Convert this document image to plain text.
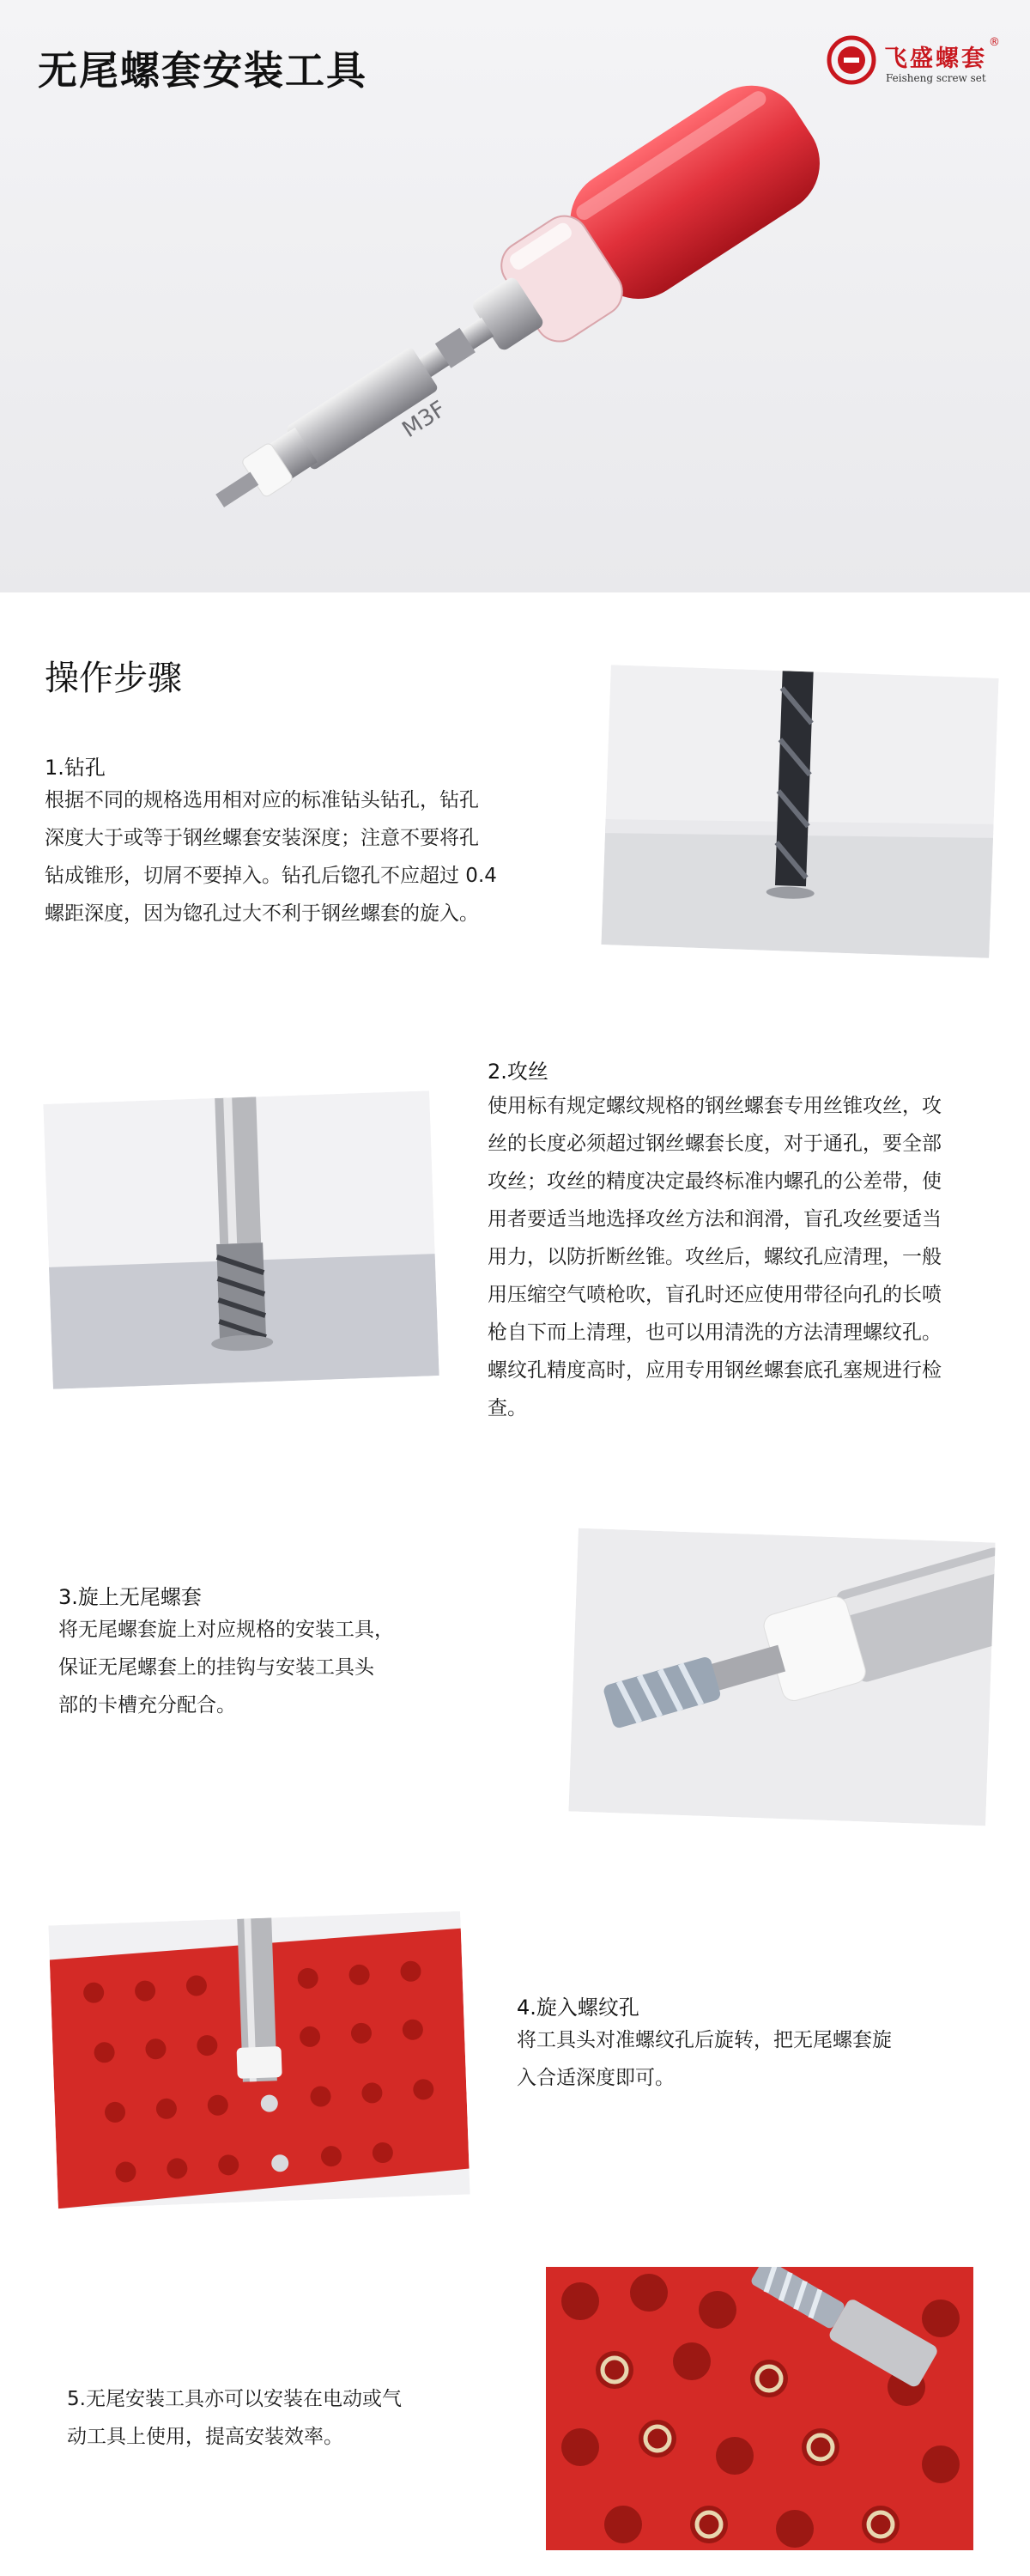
无尾螺套安装工具	飞盛螺套
®
Feisheng screw set
M3F
操作步骤
1.钻孔
根据不同的规格选用相对应的标准钻头钻孔，钻孔
深度大于或等于钢丝螺套安装深度；注意不要将孔
钻成锥形，切屑不要掉入。钻孔后锪孔不应超过 0.4
螺距深度，因为锪孔过大不利于钢丝螺套的旋入。
2.攻丝
使用标有规定螺纹规格的钢丝螺套专用丝锥攻丝，攻
丝的长度必须超过钢丝螺套长度，对于通孔，要全部
攻丝；攻丝的精度决定最终标准内螺孔的公差带，使
用者要适当地选择攻丝方法和润滑，盲孔攻丝要适当
用力，以防折断丝锥。攻丝后，螺纹孔应清理，一般
用压缩空气喷枪吹，盲孔时还应使用带径向孔的长喷
枪自下而上清理，也可以用清洗的方法清理螺纹孔。
螺纹孔精度高时，应用专用钢丝螺套底孔塞规进行检
查。
3.旋上无尾螺套
将无尾螺套旋上对应规格的安装工具，
保证无尾螺套上的挂钩与安装工具头
部的卡槽充分配合。
4.旋入螺纹孔
将工具头对准螺纹孔后旋转，把无尾螺套旋
入合适深度即可。
5.无尾安装工具亦可以安装在电动或气
动工具上使用，提高安装效率。
